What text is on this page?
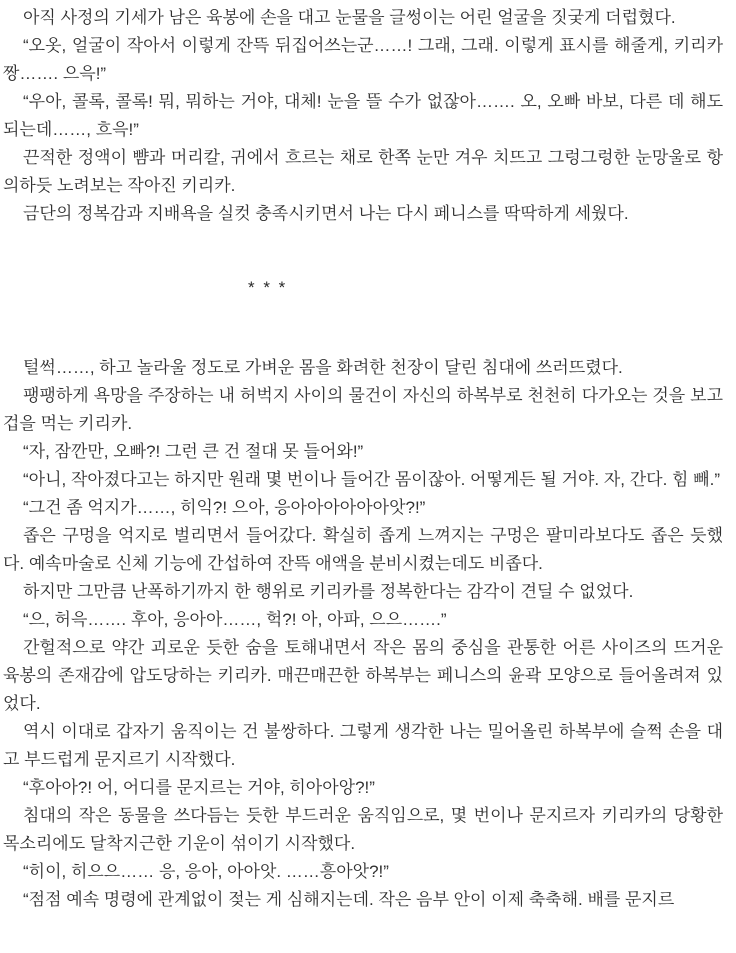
아직 사정의 기세가 남은 육봉에 손을 대고 눈물을 글썽이는 어린 얼굴을 짓궂게 더럽혔다.

“오옷, 얼굴이 작아서 이렇게 잔뜩 뒤집어쓰는군……! 그래, 그래. 이렇게 표시를 해줄게, 키리카 짱……. 으윽!”

“우아, 콜록, 콜록! 뭐, 뭐하는 거야, 대체! 눈을 뜰 수가 없잖아……. 오, 오빠 바보, 다른 데 해도 되는데……, 흐윽!”

끈적한 정액이 뺨과 머리칼, 귀에서 흐르는 채로 한쪽 눈만 겨우 치뜨고 그렁그렁한 눈망울로 항의하듯 노려보는 작아진 키리카.

금단의 정복감과 지배욕을 실컷 충족시키면서 나는 다시 페니스를 딱딱하게 세웠다.

* * *

털썩……, 하고 놀라울 정도로 가벼운 몸을 화려한 천장이 달린 침대에 쓰러뜨렸다.

팽팽하게 욕망을 주장하는 내 허벅지 사이의 물건이 자신의 하복부로 천천히 다가오는 것을 보고 겁을 먹는 키리카.

“자, 잠깐만, 오빠?! 그런 큰 건 절대 못 들어와!”

“아니, 작아졌다고는 하지만 원래 몇 번이나 들어간 몸이잖아. 어떻게든 될 거야. 자, 간다. 힘 빼.”

“그건 좀 억지가……, 히익?! 으아, 응아아아아아아앗?!”

좁은 구멍을 억지로 벌리면서 들어갔다. 확실히 좁게 느껴지는 구멍은 팔미라보다도 좁은 듯했다. 예속마술로 신체 기능에 간섭하여 잔뜩 애액을 분비시켰는데도 비좁다.

하지만 그만큼 난폭하기까지 한 행위로 키리카를 정복한다는 감각이 견딜 수 없었다.

“으, 허윽……. 후아, 응아아……, 헉?! 아, 아파, 으으…….”

간헐적으로 약간 괴로운 듯한 숨을 토해내면서 작은 몸의 중심을 관통한 어른 사이즈의 뜨거운 육봉의 존재감에 압도당하는 키리카. 매끈매끈한 하복부는 페니스의 윤곽 모양으로 들어올려져 있었다.

역시 이대로 갑자기 움직이는 건 불쌍하다. 그렇게 생각한 나는 밀어올린 하복부에 슬쩍 손을 대고 부드럽게 문지르기 시작했다.

“후아아?! 어, 어디를 문지르는 거야, 히아아앙?!”

침대의 작은 동물을 쓰다듬는 듯한 부드러운 움직임으로, 몇 번이나 문지르자 키리카의 당황한 목소리에도 달착지근한 기운이 섞이기 시작했다.

“히이, 히으으…… 응, 응아, 아아앗. ……흥아앗?!”

“점점 예속 명령에 관계없이 젖는 게 심해지는데. 작은 음부 안이 이제 축축해. 배를 문지르
